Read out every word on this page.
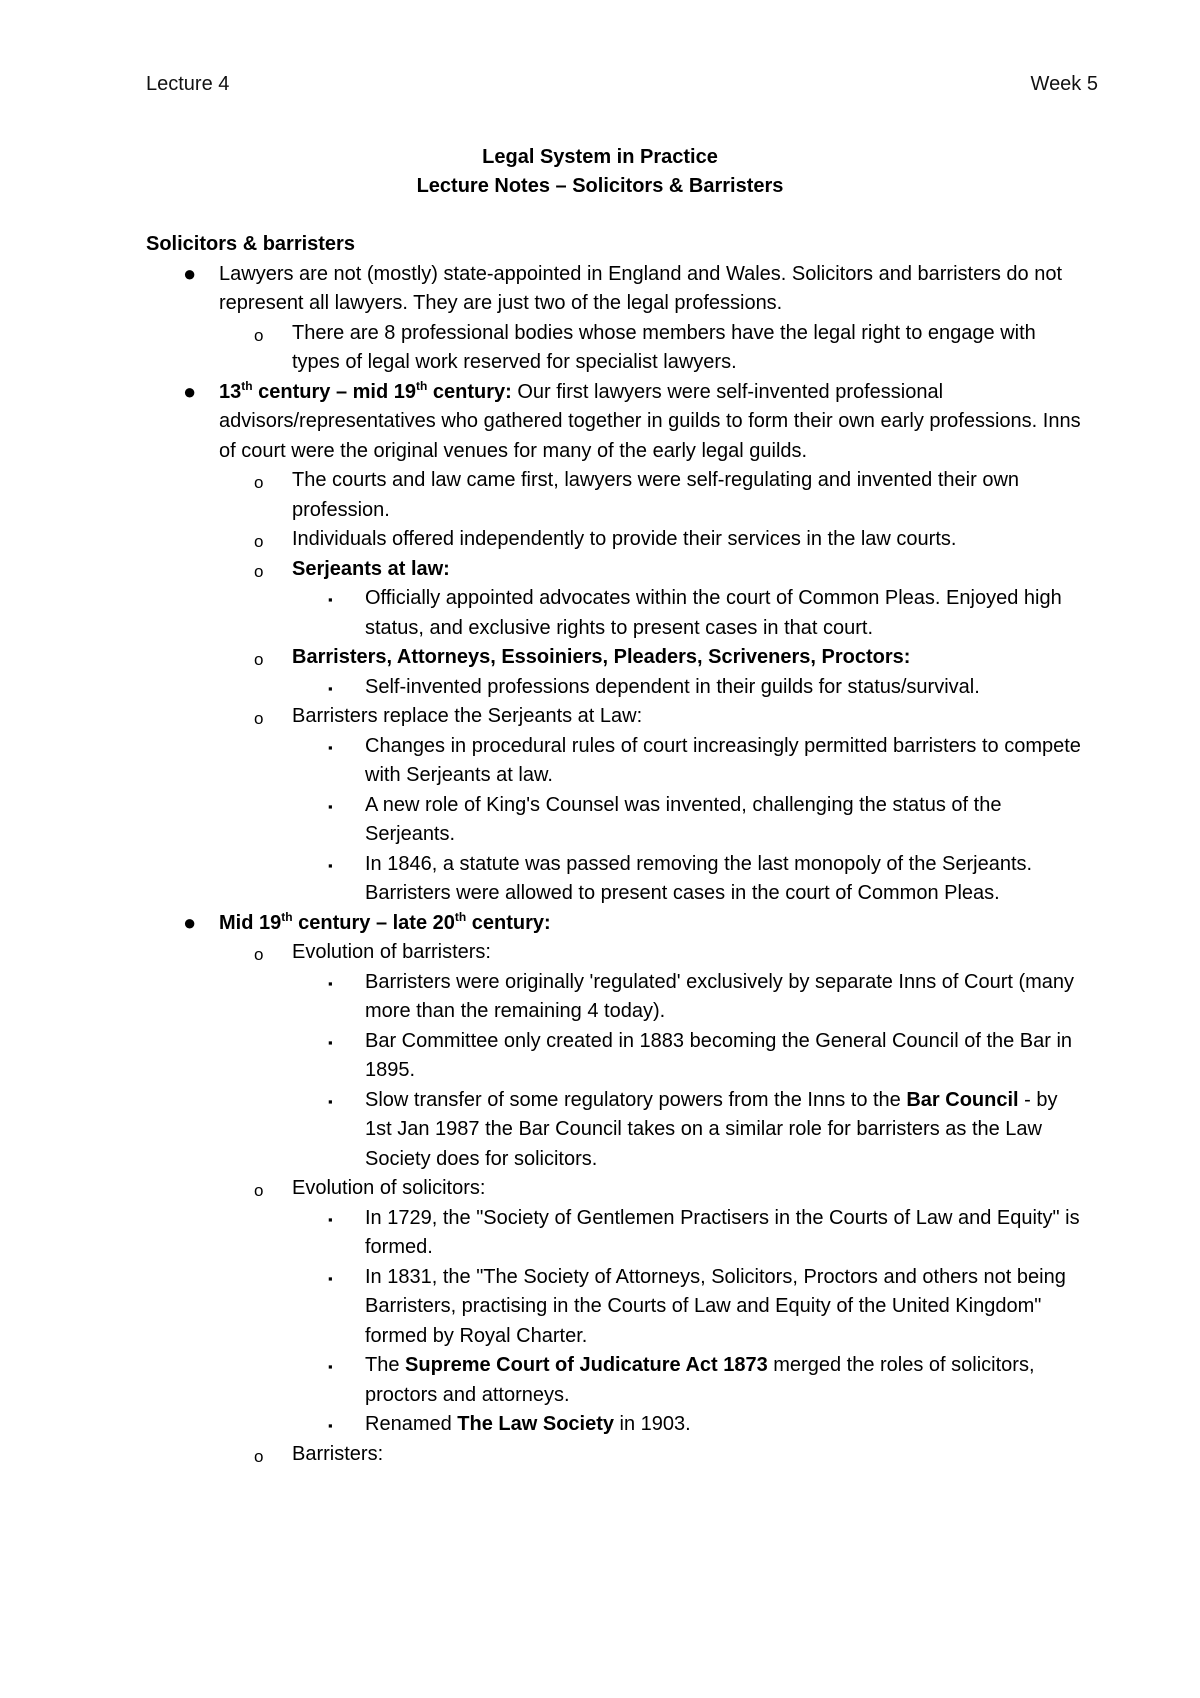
Lecture 4	Week 5
Legal System in Practice
Lecture Notes – Solicitors & Barristers

Solicitors & barristers

● Lawyers are not (mostly) state-appointed in England and Wales. Solicitors and barristers do not represent all lawyers. They are just two of the legal professions.
o There are 8 professional bodies whose members have the legal right to engage with types of legal work reserved for specialist lawyers.
● 13th century – mid 19th century: Our first lawyers were self-invented professional advisors/representatives who gathered together in guilds to form their own early professions. Inns of court were the original venues for many of the early legal guilds.
o The courts and law came first, lawyers were self-regulating and invented their own profession.
o Individuals offered independently to provide their services in the law courts.
o Serjeants at law:
▪ Officially appointed advocates within the court of Common Pleas. Enjoyed high status, and exclusive rights to present cases in that court.
o Barristers, Attorneys, Essoiniers, Pleaders, Scriveners, Proctors:
▪ Self-invented professions dependent in their guilds for status/survival.
o Barristers replace the Serjeants at Law:
▪ Changes in procedural rules of court increasingly permitted barristers to compete with Serjeants at law.
▪ A new role of King's Counsel was invented, challenging the status of the Serjeants.
▪ In 1846, a statute was passed removing the last monopoly of the Serjeants. Barristers were allowed to present cases in the court of Common Pleas.
● Mid 19th century – late 20th century:
o Evolution of barristers:
▪ Barristers were originally 'regulated' exclusively by separate Inns of Court (many more than the remaining 4 today).
▪ Bar Committee only created in 1883 becoming the General Council of the Bar in 1895.
▪ Slow transfer of some regulatory powers from the Inns to the Bar Council - by 1st Jan 1987 the Bar Council takes on a similar role for barristers as the Law Society does for solicitors.
o Evolution of solicitors:
▪ In 1729, the "Society of Gentlemen Practisers in the Courts of Law and Equity" is formed.
▪ In 1831, the "The Society of Attorneys, Solicitors, Proctors and others not being Barristers, practising in the Courts of Law and Equity of the United Kingdom" formed by Royal Charter.
▪ The Supreme Court of Judicature Act 1873 merged the roles of solicitors, proctors and attorneys.
▪ Renamed The Law Society in 1903.
o Barristers:
